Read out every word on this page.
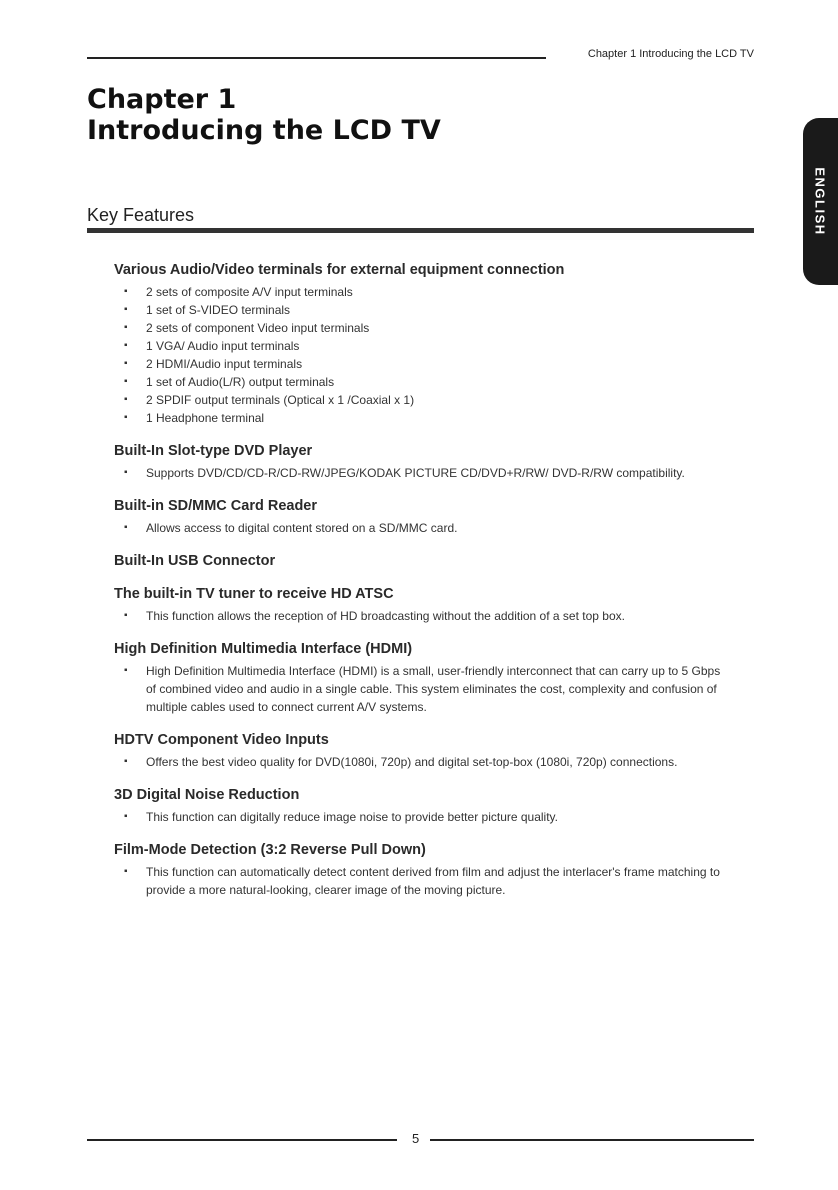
Chapter 1 Introducing the LCD TV
Chapter 1
Introducing the LCD TV
ENGLISH
Key Features
Various Audio/Video terminals for external equipment connection
▪ 2 sets of composite A/V input terminals
▪ 1 set of S-VIDEO terminals
▪ 2 sets of component Video input terminals
▪ 1 VGA/ Audio input terminals
▪ 2 HDMI/Audio input terminals
▪ 1 set of Audio(L/R) output terminals
▪ 2 SPDIF output terminals (Optical x 1 /Coaxial x 1)
▪ 1 Headphone terminal
Built-In Slot-type DVD Player
▪ Supports DVD/CD/CD-R/CD-RW/JPEG/KODAK PICTURE CD/DVD+R/RW/ DVD-R/RW compatibility.
Built-in SD/MMC Card Reader
▪ Allows access to digital content stored on a SD/MMC card.
Built-In USB Connector
The built-in TV tuner to receive HD ATSC
▪ This function allows the reception of HD broadcasting without the addition of a set top box.
High Definition Multimedia Interface (HDMI)
▪ High Definition Multimedia Interface (HDMI) is a small, user-friendly interconnect that can carry up to 5 Gbps of combined video and audio in a single cable. This system eliminates the cost, complexity and confusion of multiple cables used to connect current A/V systems.
HDTV Component Video Inputs
▪ Offers the best video quality for DVD(1080i, 720p) and digital set-top-box (1080i, 720p) connections.
3D Digital Noise Reduction
▪ This function can digitally reduce image noise to provide better picture quality.
Film-Mode Detection (3:2 Reverse Pull Down)
▪ This function can automatically detect content derived from film and adjust the interlacer's frame matching to provide a more natural-looking, clearer image of the moving picture.
5
